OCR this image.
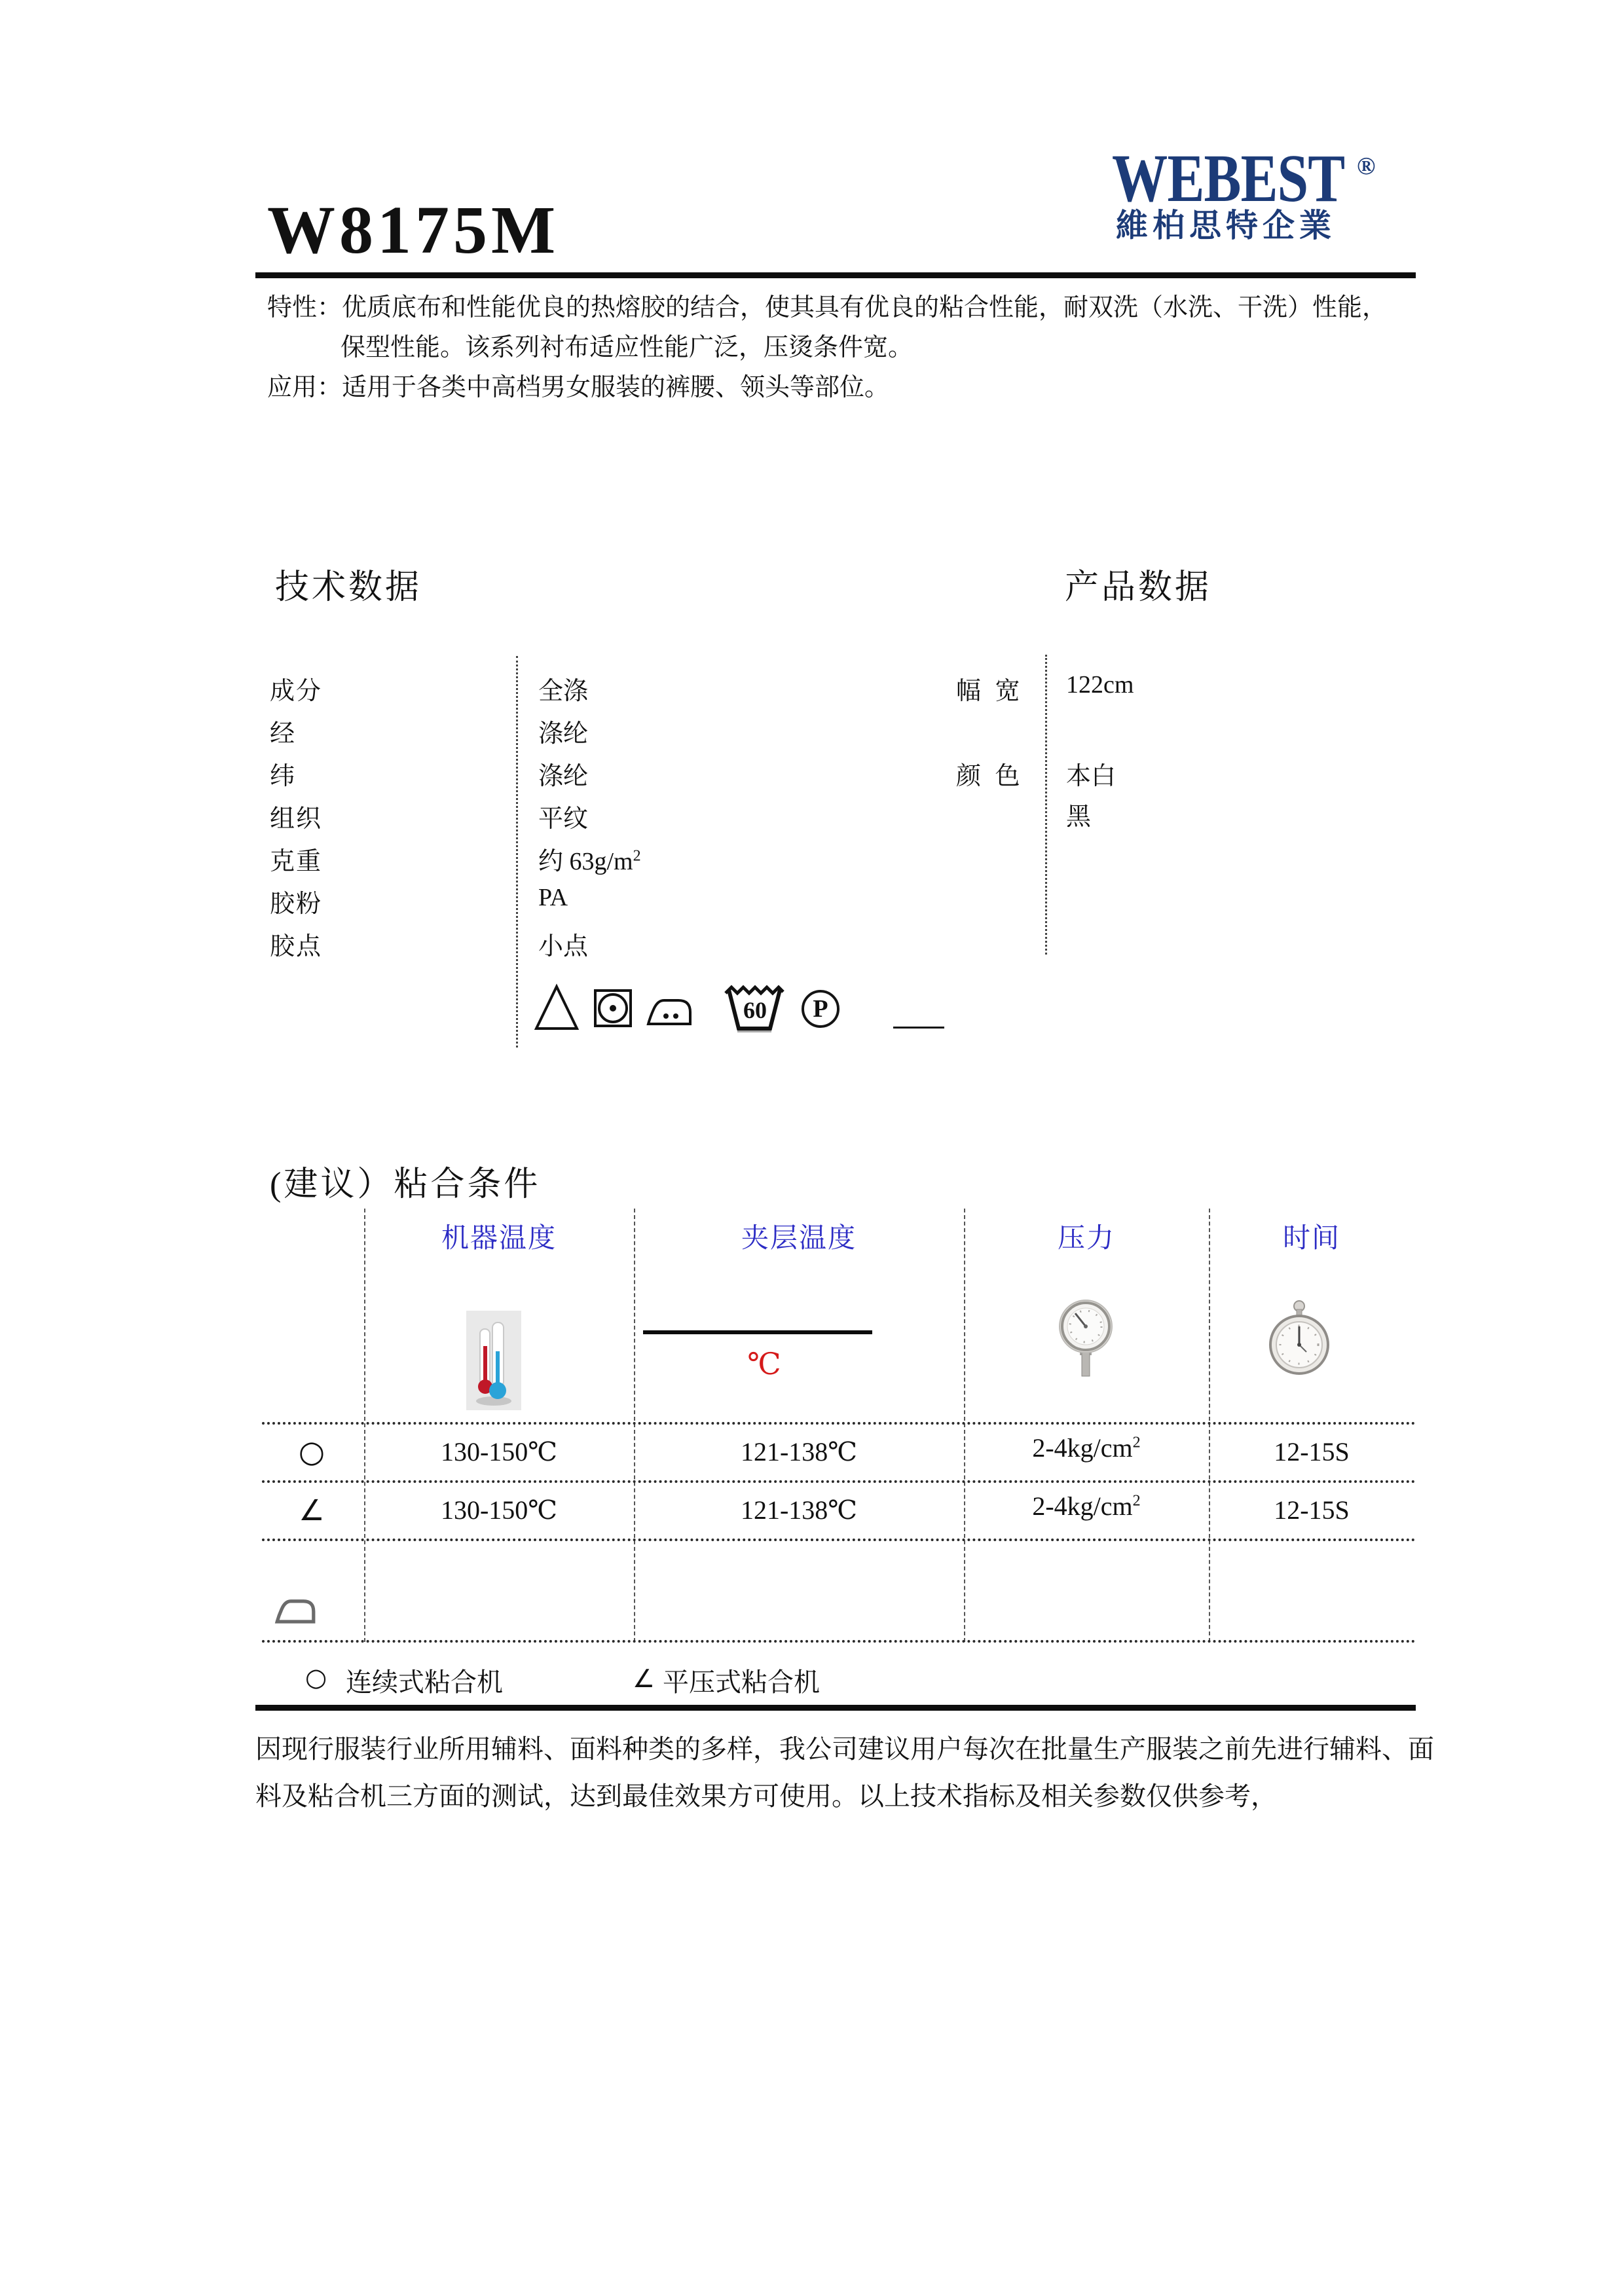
W8175M
WEBEST ®
維柏思特企業
特性：优质底布和性能优良的热熔胶的结合，使其具有优良的粘合性能，耐双洗（水洗、干洗）性能，
保型性能。该系列衬布适应性能广泛，压烫条件宽。
应用：适用于各类中高档男女服装的裤腰、领头等部位。
技术数据	产品数据
成分	全涤
经	涤纶
纬	涤纶
组织	平纹
克重	约 $63g/m^2$
胶粉	PA
胶点	小点
60	P
幅 宽 122cm
颜 色 本白
黑
(建议）粘合条件
机器温度	夹层温度	压力	时间
℃
○	130-150℃	121-138℃	$2-4kg/cm^2$	12-15S
∠	130-150℃	121-138℃	$2-4kg/cm^2$	12-15S
○ 连续式粘合机	∠ 平压式粘合机
因现行服装行业所用辅料、面料种类的多样，我公司建议用户每次在批量生产服装之前先进行辅料、面
料及粘合机三方面的测试，达到最佳效果方可使用。以上技术指标及相关参数仅供参考，
